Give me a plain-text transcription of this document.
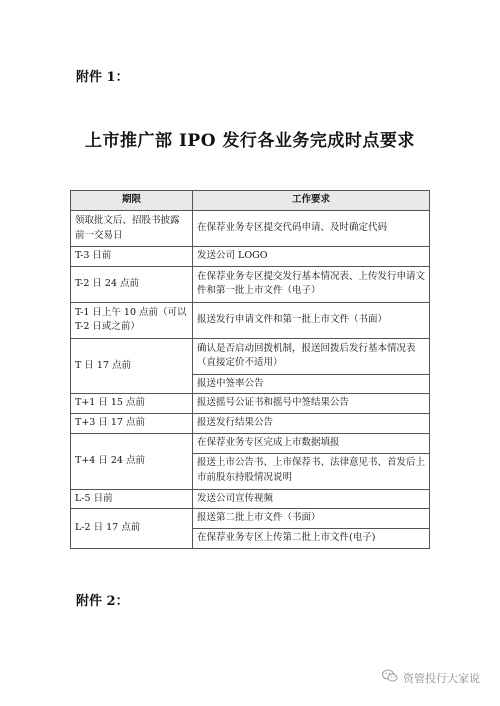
附件 1：
上市推广部 IPO 发行各业务完成时点要求
期限	工作要求
领取批文后、招股书披露前一交易日	在保荐业务专区提交代码申请、及时确定代码
T-3 日前	发送公司 LOGO
T-2 日 24 点前	在保荐业务专区提交发行基本情况表、上传发行申请文件和第一批上市文件（电子）
T-1 日上午 10 点前（可以 T-2 日或之前）	报送发行申请文件和第一批上市文件（书面）
T 日 17 点前	确认是否启动回拨机制，报送回拨后发行基本情况表（直接定价不适用）
	报送中签率公告
T+1 日 15 点前	报送摇号公证书和摇号中签结果公告
T+3 日 17 点前	报送发行结果公告
T+4 日 24 点前	在保荐业务专区完成上市数据填报
	报送上市公告书、上市保荐书、法律意见书、首发后上市前股东持股情况说明
L-5 日前	发送公司宣传视频
L-2 日 17 点前	报送第二批上市文件（书面）
	在保荐业务专区上传第二批上市文件(电子)
附件 2：
资管投行大家说
